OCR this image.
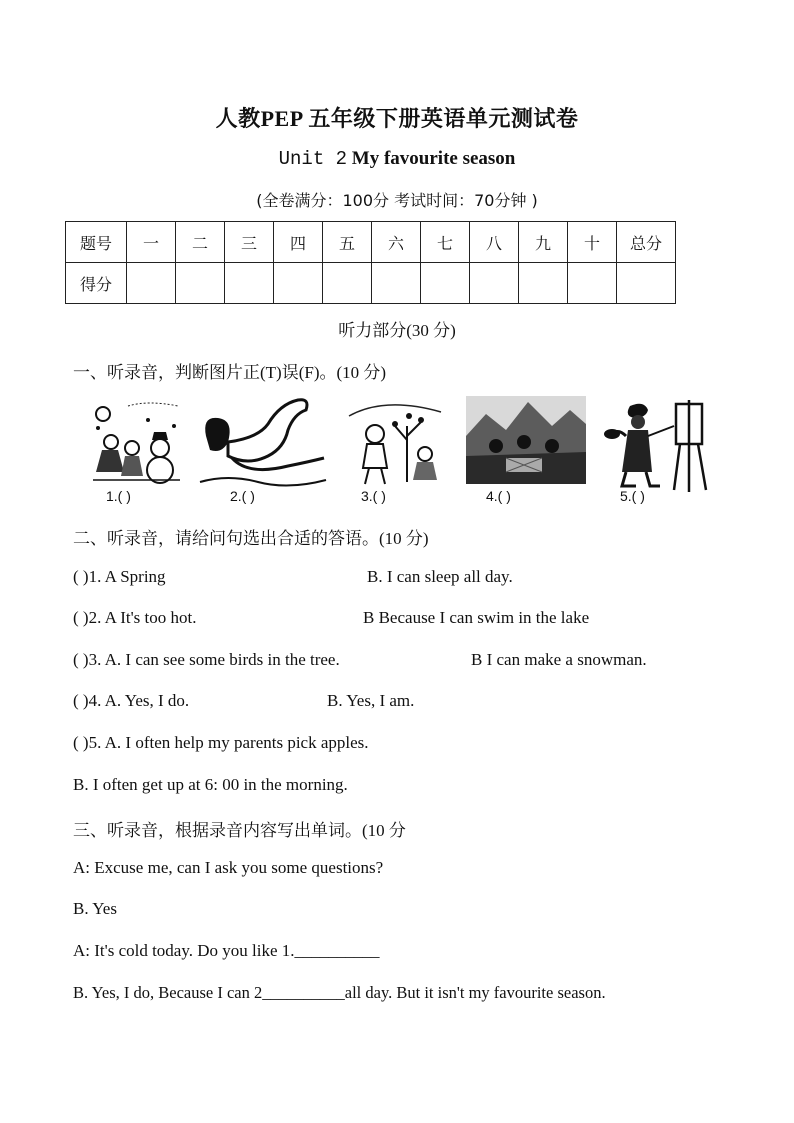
人教PEP 五年级下册英语单元测试卷
Unit 2 My favourite season
(全卷满分：100分 考试时间：70分钟 )
题号	一	二	三	四	五	六	七	八	九	十	总分
得分											
听力部分(30 分)
一、听录音，判断图片正(T)误(F)。(10 分)
1.( )	2.( )	3.( )	4.( )	5.( )
二、听录音，请给问句选出合适的答语。(10 分)
( )1. A Spring	B. I can sleep all day.
( )2. A It's too hot.	B Because I can swim in the lake
( )3. A. I can see some birds in the tree.	B I can make a snowman.
( )4. A. Yes, I do.	B. Yes, I am.
( )5. A. I often help my parents pick apples.
B. I often get up at 6: 00 in the morning.
三、听录音，根据录音内容写出单词。(10 分
A: Excuse me, can I ask you some questions?
B. Yes
A: It's cold today. Do you like 1.__________
B. Yes, I do, Because I can 2__________all day. But it isn't my favourite season.
